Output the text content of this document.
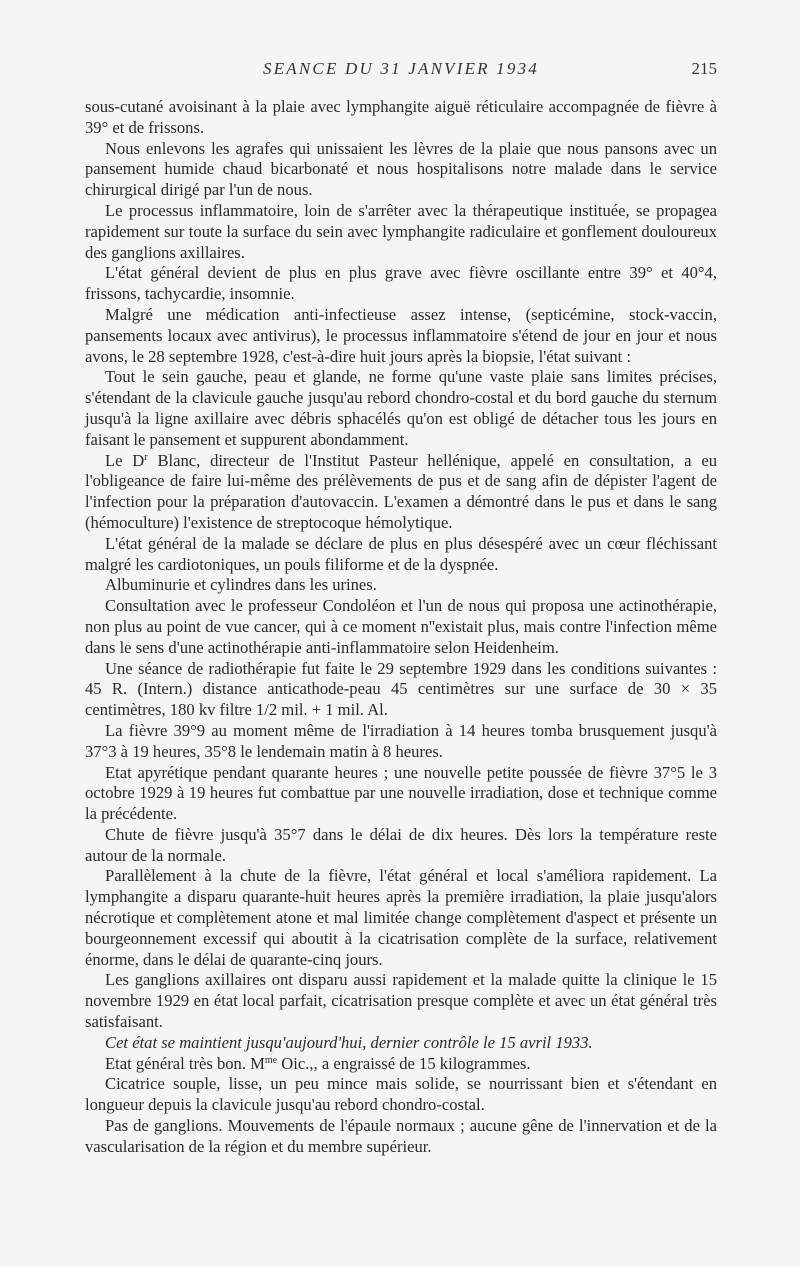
SEANCE DU 31 JANVIER 1934	215

sous-cutané avoisinant à la plaie avec lymphangite aiguë réticulaire accompagnée de fièvre à 39° et de frissons.

Nous enlevons les agrafes qui unissaient les lèvres de la plaie que nous pansons avec un pansement humide chaud bicarbonaté et nous hospitalisons notre malade dans le service chirurgical dirigé par l'un de nous.

Le processus inflammatoire, loin de s'arrêter avec la thérapeutique instituée, se propagea rapidement sur toute la surface du sein avec lymphangite radiculaire et gonflement douloureux des ganglions axillaires.

L'état général devient de plus en plus grave avec fièvre oscillante entre 39° et 40°4, frissons, tachycardie, insomnie.

Malgré une médication anti-infectieuse assez intense, (septicémine, stock-vaccin, pansements locaux avec antivirus), le processus inflammatoire s'étend de jour en jour et nous avons, le 28 septembre 1928, c'est-à-dire huit jours après la biopsie, l'état suivant :

Tout le sein gauche, peau et glande, ne forme qu'une vaste plaie sans limites précises, s'étendant de la clavicule gauche jusqu'au rebord chondro-costal et du bord gauche du sternum jusqu'à la ligne axillaire avec débris sphacélés qu'on est obligé de détacher tous les jours en faisant le pansement et suppurent abondamment.

Le $D^r$ Blanc, directeur de l'Institut Pasteur hellénique, appelé en consultation, a eu l'obligeance de faire lui-même des prélèvements de pus et de sang afin de dépister l'agent de l'infection pour la préparation d'autovaccin. L'examen a démontré dans le pus et dans le sang (hémoculture) l'existence de streptocoque hémolytique.

L'état général de la malade se déclare de plus en plus désespéré avec un cœur fléchissant malgré les cardiotoniques, un pouls filiforme et de la dyspnée.

Albuminurie et cylindres dans les urines.

Consultation avec le professeur Condoléon et l'un de nous qui proposa une actinothérapie, non plus au point de vue cancer, qui à ce moment n''existait plus, mais contre l'infection même dans le sens d'une actinothérapie anti-inflammatoire selon Heidenheim.

Une séance de radiothérapie fut faite le 29 septembre 1929 dans les conditions suivantes : 45 R. (Intern.) distance anticathode-peau 45 centimètres sur une surface de 30 × 35 centimètres, 180 kv filtre 1/2 mil. + 1 mil. Al.

La fièvre 39°9 au moment même de l'irradiation à 14 heures tomba brusquement jusqu'à 37°3 à 19 heures, 35°8 le lendemain matin à 8 heures.

Etat apyrétique pendant quarante heures ; une nouvelle petite poussée de fièvre 37°5 le 3 octobre 1929 à 19 heures fut combattue par une nouvelle irradiation, dose et technique comme la précédente.

Chute de fièvre jusqu'à 35°7 dans le délai de dix heures. Dès lors la température reste autour de la normale.

Parallèlement à la chute de la fièvre, l'état général et local s'améliora rapidement. La lymphangite a disparu quarante-huit heures après la première irradiation, la plaie jusqu'alors nécrotique et complètement atone et mal limitée change complètement d'aspect et présente un bourgeonnement excessif qui aboutit à la cicatrisation complète de la surface, relativement énorme, dans le délai de quarante-cinq jours.

Les ganglions axillaires ont disparu aussi rapidement et la malade quitte la clinique le 15 novembre 1929 en état local parfait, cicatrisation presque complète et avec un état général très satisfaisant.

Cet état se maintient jusqu'aujourd'hui, dernier contrôle le 15 avril 1933.

Etat général très bon. $M^{me}$ Oic.,, a engraissé de 15 kilogrammes.

Cicatrice souple, lisse, un peu mince mais solide, se nourrissant bien et s'étendant en longueur depuis la clavicule jusqu'au rebord chondro-costal.

Pas de ganglions. Mouvements de l'épaule normaux ; aucune gêne de l'innervation et de la vascularisation de la région et du membre supérieur.
